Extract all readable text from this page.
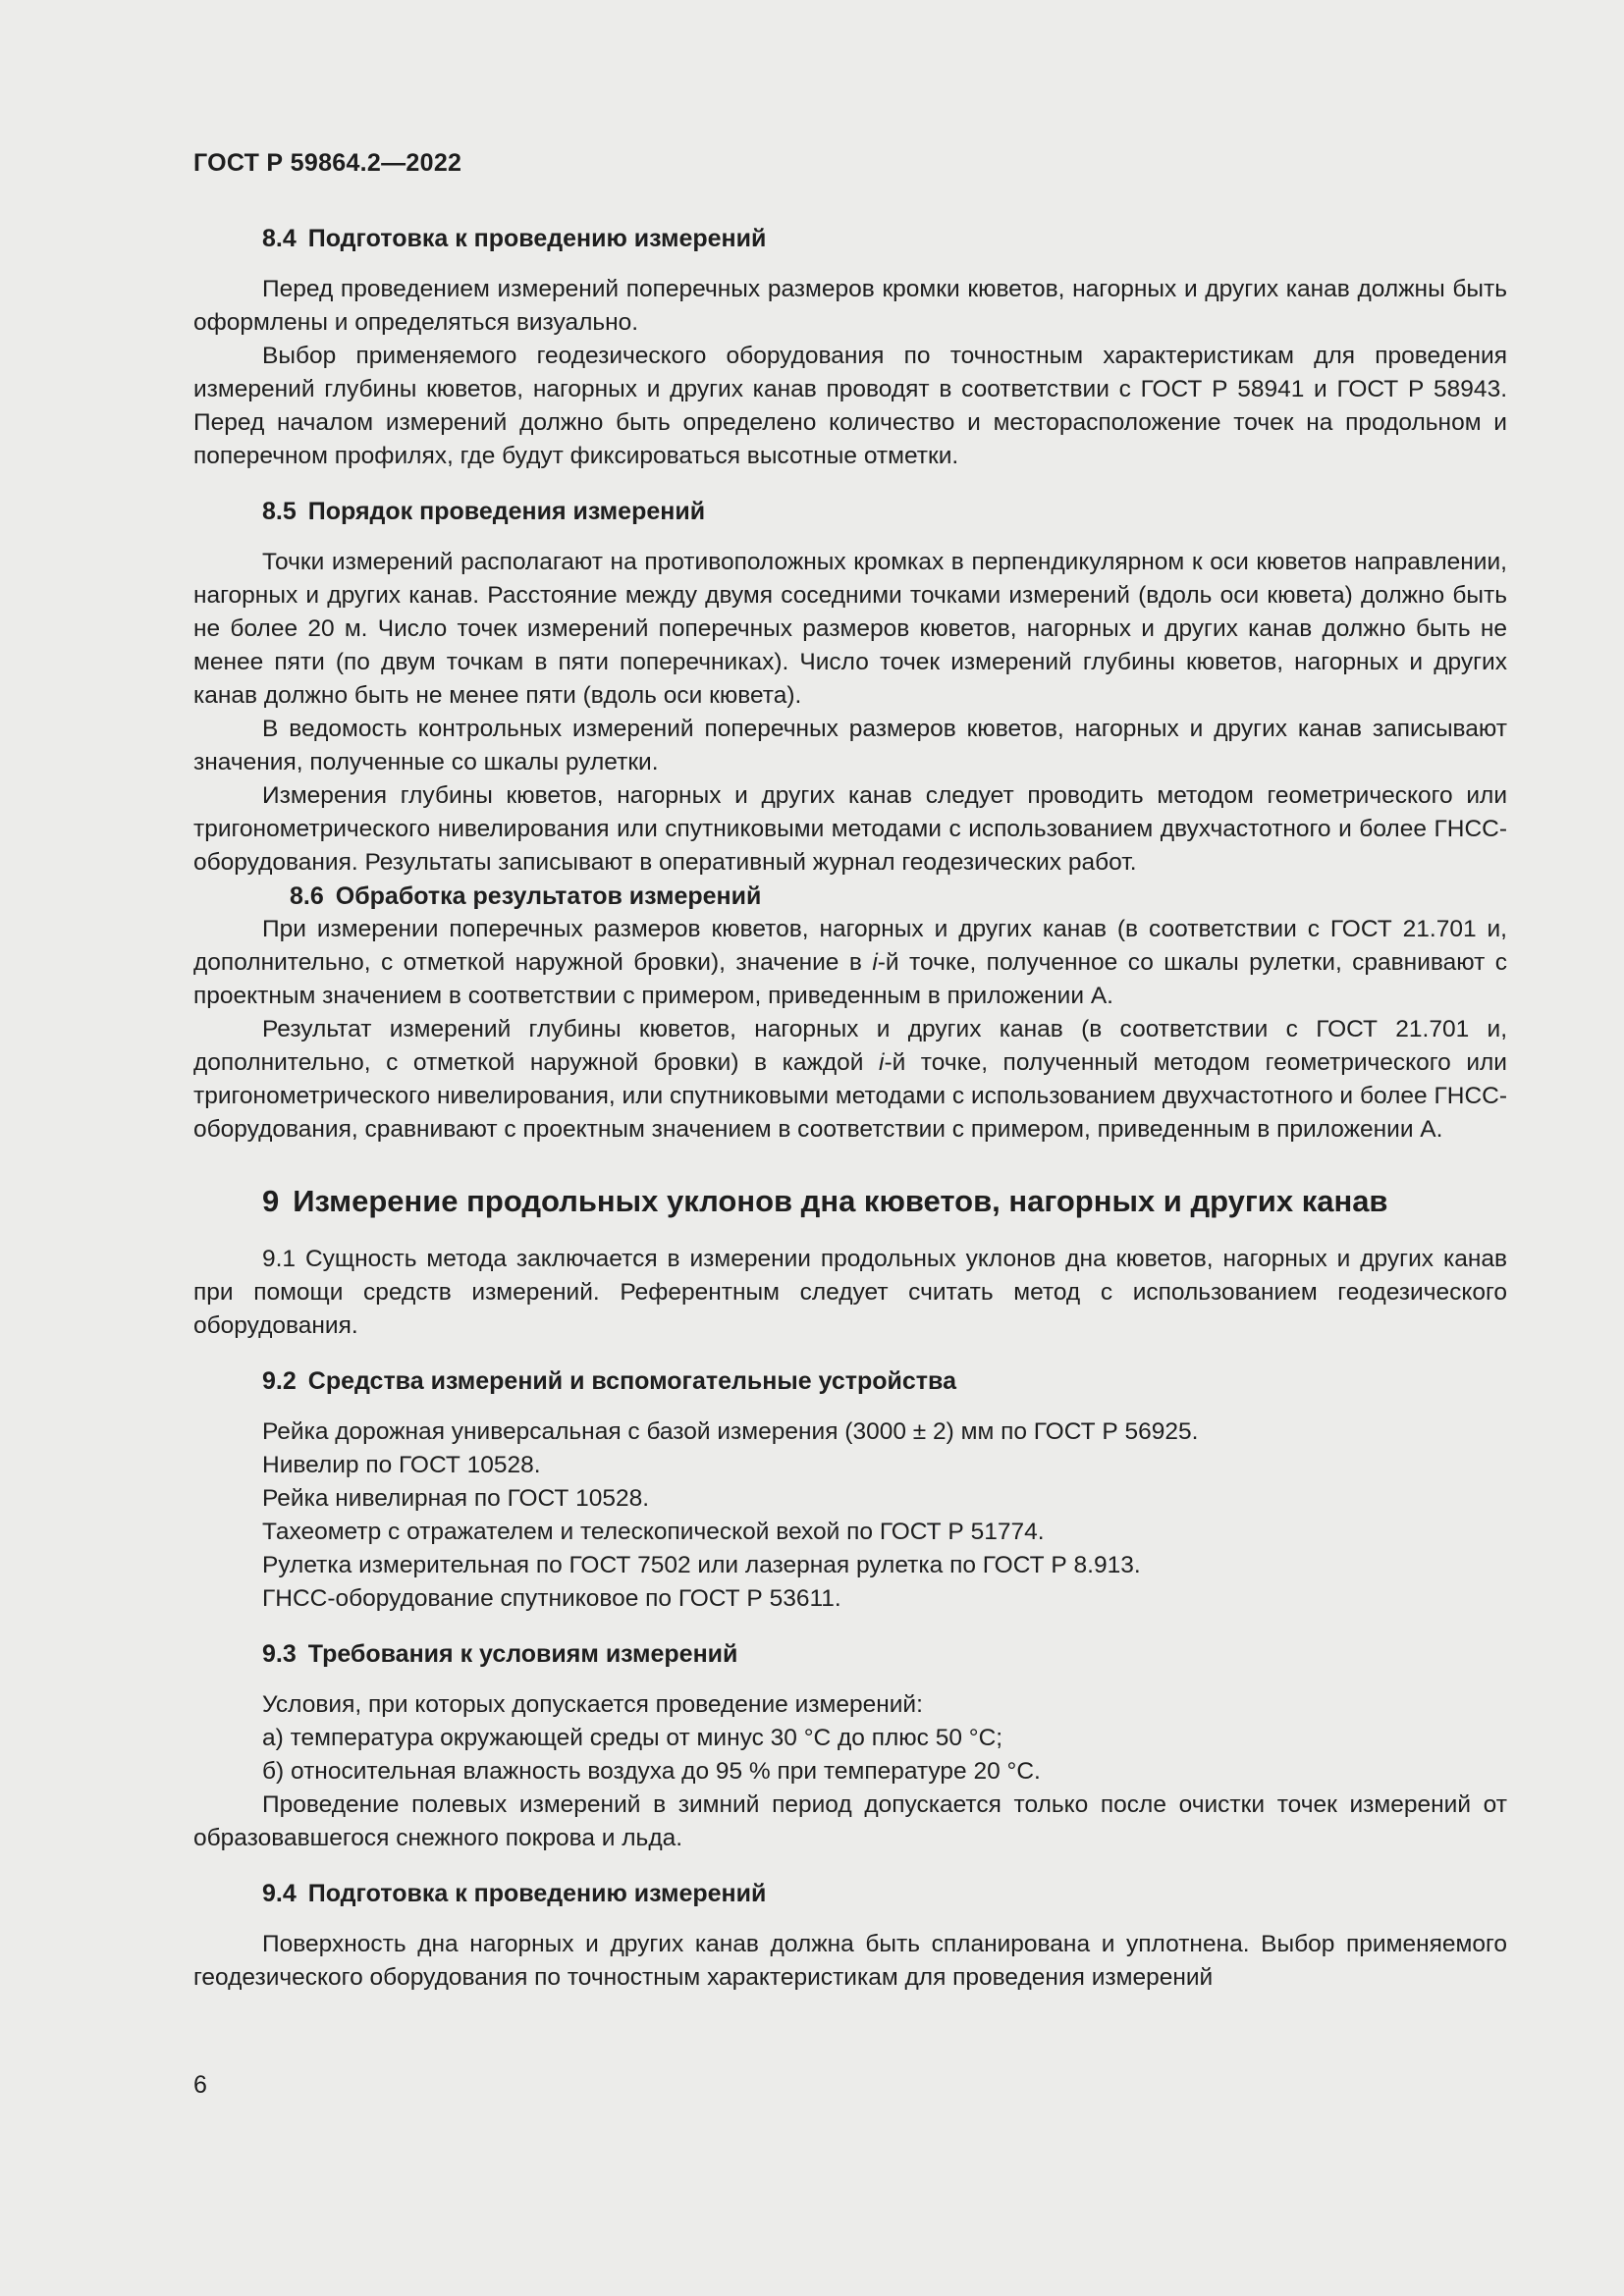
ГОСТ Р 59864.2—2022
8.4 Подготовка к проведению измерений

Перед проведением измерений поперечных размеров кромки кюветов, нагорных и других канав должны быть оформлены и определяться визуально.

Выбор применяемого геодезического оборудования по точностным характеристикам для проведения измерений глубины кюветов, нагорных и других канав проводят в соответствии с ГОСТ Р 58941 и ГОСТ Р 58943. Перед началом измерений должно быть определено количество и месторасположение точек на продольном и поперечном профилях, где будут фиксироваться высотные отметки.

8.5 Порядок проведения измерений

Точки измерений располагают на противоположных кромках в перпендикулярном к оси кюветов направлении, нагорных и других канав. Расстояние между двумя соседними точками измерений (вдоль оси кювета) должно быть не более 20 м. Число точек измерений поперечных размеров кюветов, нагорных и других канав должно быть не менее пяти (по двум точкам в пяти поперечниках). Число точек измерений глубины кюветов, нагорных и других канав должно быть не менее пяти (вдоль оси кювета).

В ведомость контрольных измерений поперечных размеров кюветов, нагорных и других канав записывают значения, полученные со шкалы рулетки.

Измерения глубины кюветов, нагорных и других канав следует проводить методом геометрического или тригонометрического нивелирования или спутниковыми методами с использованием двухчастотного и более ГНСС-оборудования. Результаты записывают в оперативный журнал геодезических работ.

8.6 Обработка результатов измерений

При измерении поперечных размеров кюветов, нагорных и других канав (в соответствии с ГОСТ 21.701 и, дополнительно, с отметкой наружной бровки), значение в i-й точке, полученное со шкалы рулетки, сравнивают с проектным значением в соответствии с примером, приведенным в приложении А.

Результат измерений глубины кюветов, нагорных и других канав (в соответствии с ГОСТ 21.701 и, дополнительно, с отметкой наружной бровки) в каждой i-й точке, полученный методом геометрического или тригонометрического нивелирования, или спутниковыми методами с использованием двухчастотного и более ГНСС-оборудования, сравнивают с проектным значением в соответствии с примером, приведенным в приложении А.

9 Измерение продольных уклонов дна кюветов, нагорных и других канав

9.1 Сущность метода заключается в измерении продольных уклонов дна кюветов, нагорных и других канав при помощи средств измерений. Референтным следует считать метод с использованием геодезического оборудования.

9.2 Средства измерений и вспомогательные устройства

Рейка дорожная универсальная с базой измерения (3000 ± 2) мм по ГОСТ Р 56925.

Нивелир по ГОСТ 10528.

Рейка нивелирная по ГОСТ 10528.

Тахеометр с отражателем и телескопической вехой по ГОСТ Р 51774.

Рулетка измерительная по ГОСТ 7502 или лазерная рулетка по ГОСТ Р 8.913.

ГНСС-оборудование спутниковое по ГОСТ Р 53611.

9.3 Требования к условиям измерений

Условия, при которых допускается проведение измерений:

а) температура окружающей среды от минус 30 °С до плюс 50 °С;

б) относительная влажность воздуха до 95 % при температуре 20 °С.

Проведение полевых измерений в зимний период допускается только после очистки точек измерений от образовавшегося снежного покрова и льда.

9.4 Подготовка к проведению измерений

Поверхность дна нагорных и других канав должна быть спланирована и уплотнена. Выбор применяемого геодезического оборудования по точностным характеристикам для проведения измерений

6
